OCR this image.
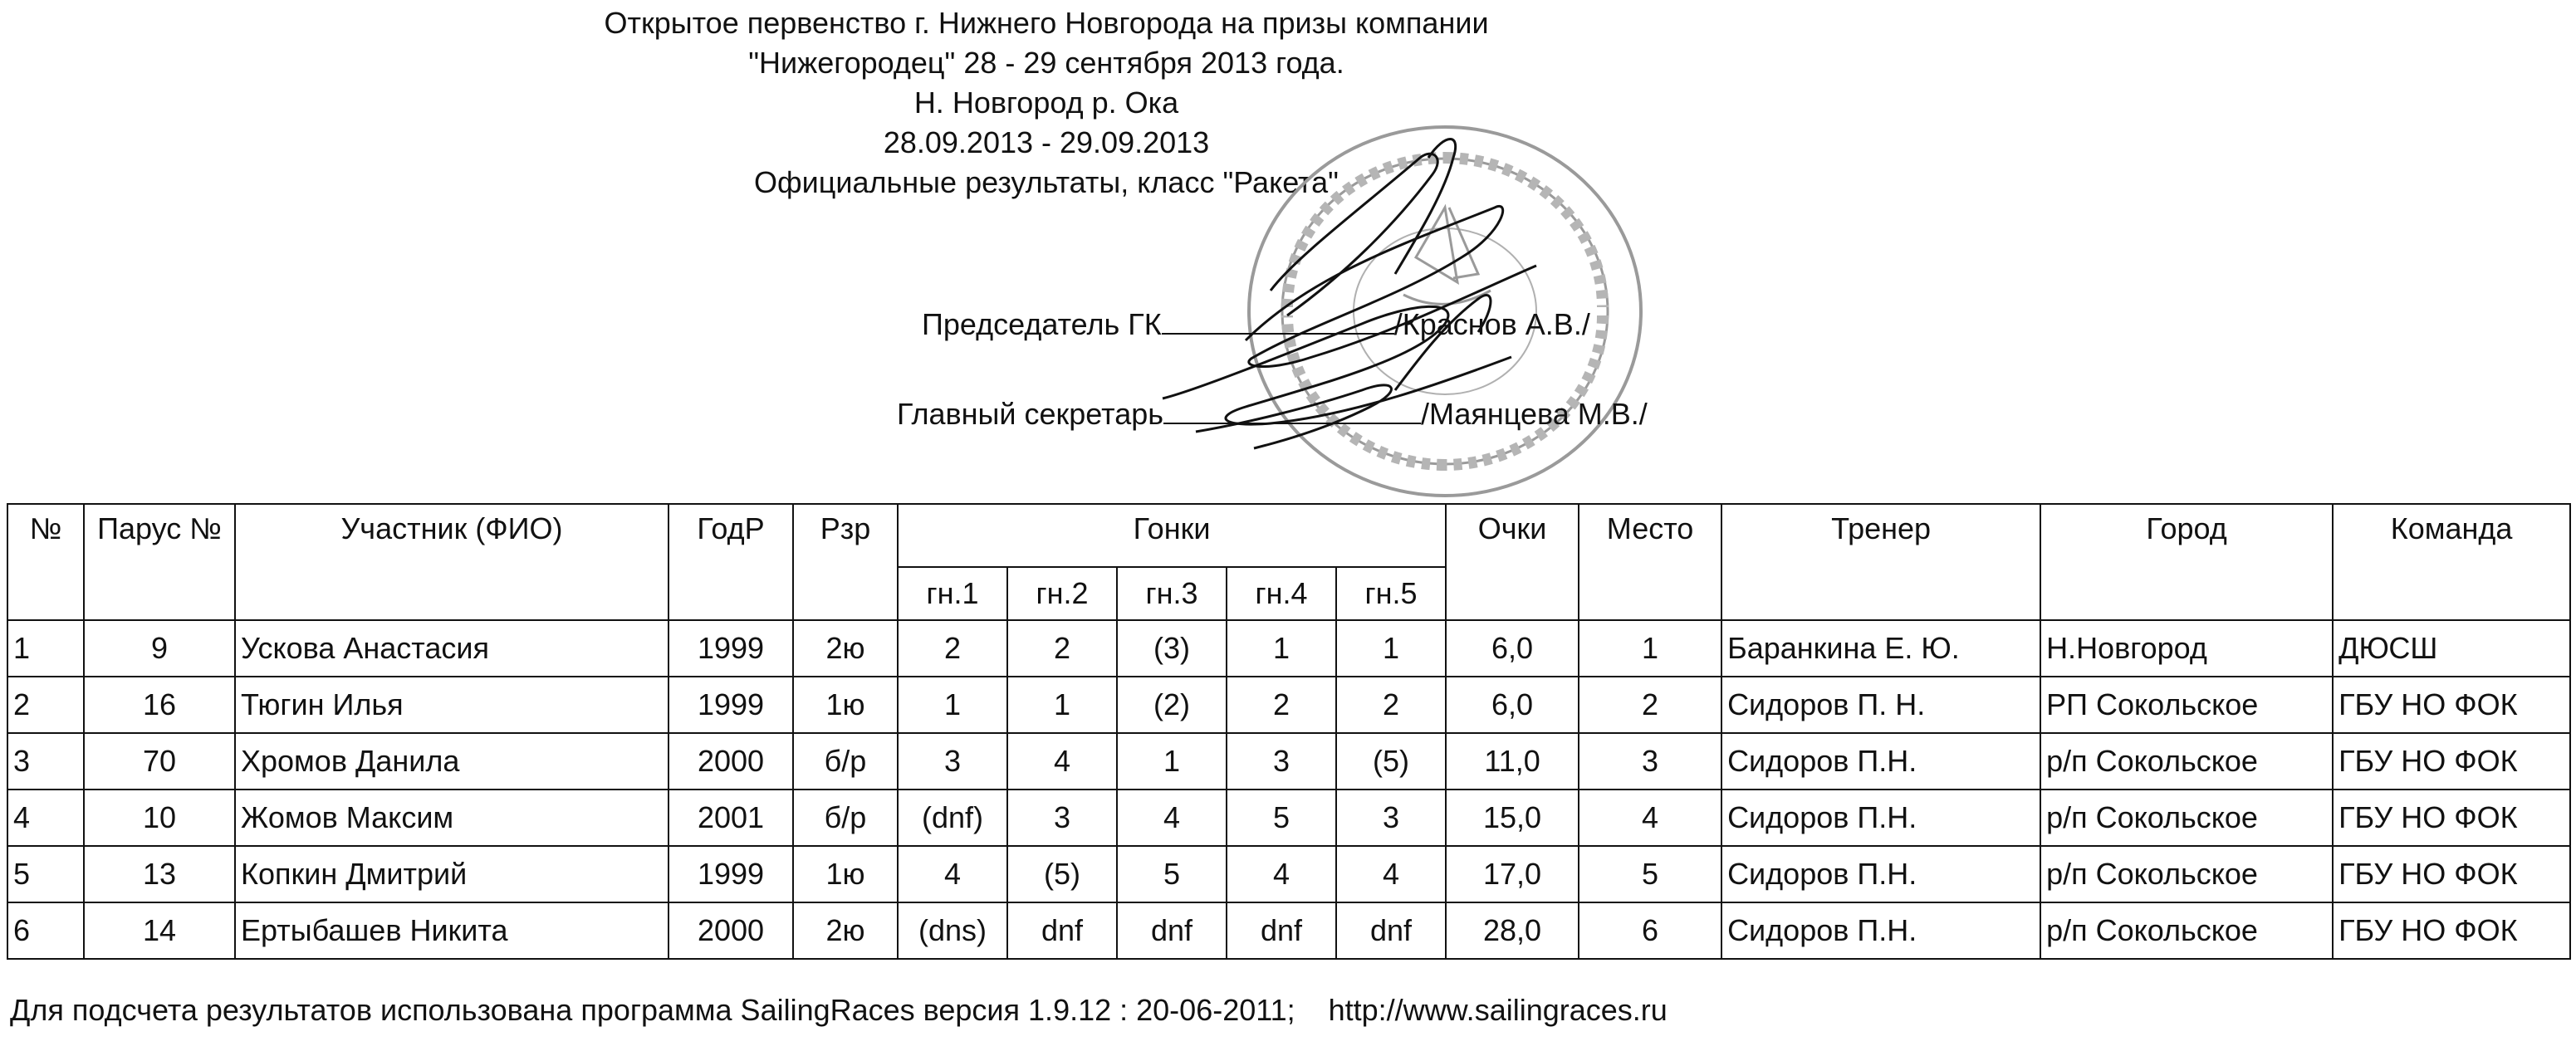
Открытое первенство г. Нижнего Новгорода на призы компании
"Нижегородец" 28 - 29 сентября 2013 года.
Н. Новгород р. Ока
28.09.2013 - 29.09.2013
Официальные результаты, класс "Ракета"
Председатель ГК	/Краснов А.В./
Главный секретарь	/Маянцева М.В./
№	Парус №	Участник (ФИО)	ГодР	Рзр	Гонки					Очки	Место	Тренер	Город	Команда
					гн.1	гн.2	гн.3	гн.4	гн.5					
1	9	Ускова Анастасия	1999	2ю	2	2	(3)	1	1	6,0	1	Баранкина Е. Ю.	Н.Новгород	ДЮСШ
2	16	Тюгин Илья	1999	1ю	1	1	(2)	2	2	6,0	2	Сидоров П. Н.	РП Сокольское	ГБУ НО ФОК
3	70	Хромов Данила	2000	б/р	3	4	1	3	(5)	11,0	3	Сидоров П.Н.	р/п Сокольское	ГБУ НО ФОК
4	10	Жомов Максим	2001	б/р	(dnf)	3	4	5	3	15,0	4	Сидоров П.Н.	р/п Сокольское	ГБУ НО ФОК
5	13	Копкин Дмитрий	1999	1ю	4	(5)	5	4	4	17,0	5	Сидоров П.Н.	р/п Сокольское	ГБУ НО ФОК
6	14	Ертыбашев Никита	2000	2ю	(dns)	dnf	dnf	dnf	dnf	28,0	6	Сидоров П.Н.	р/п Сокольское	ГБУ НО ФОК
Для подсчета результатов использована программа SailingRaces версия 1.9.12 : 20-06-2011; http://www.sailingraces.ru
